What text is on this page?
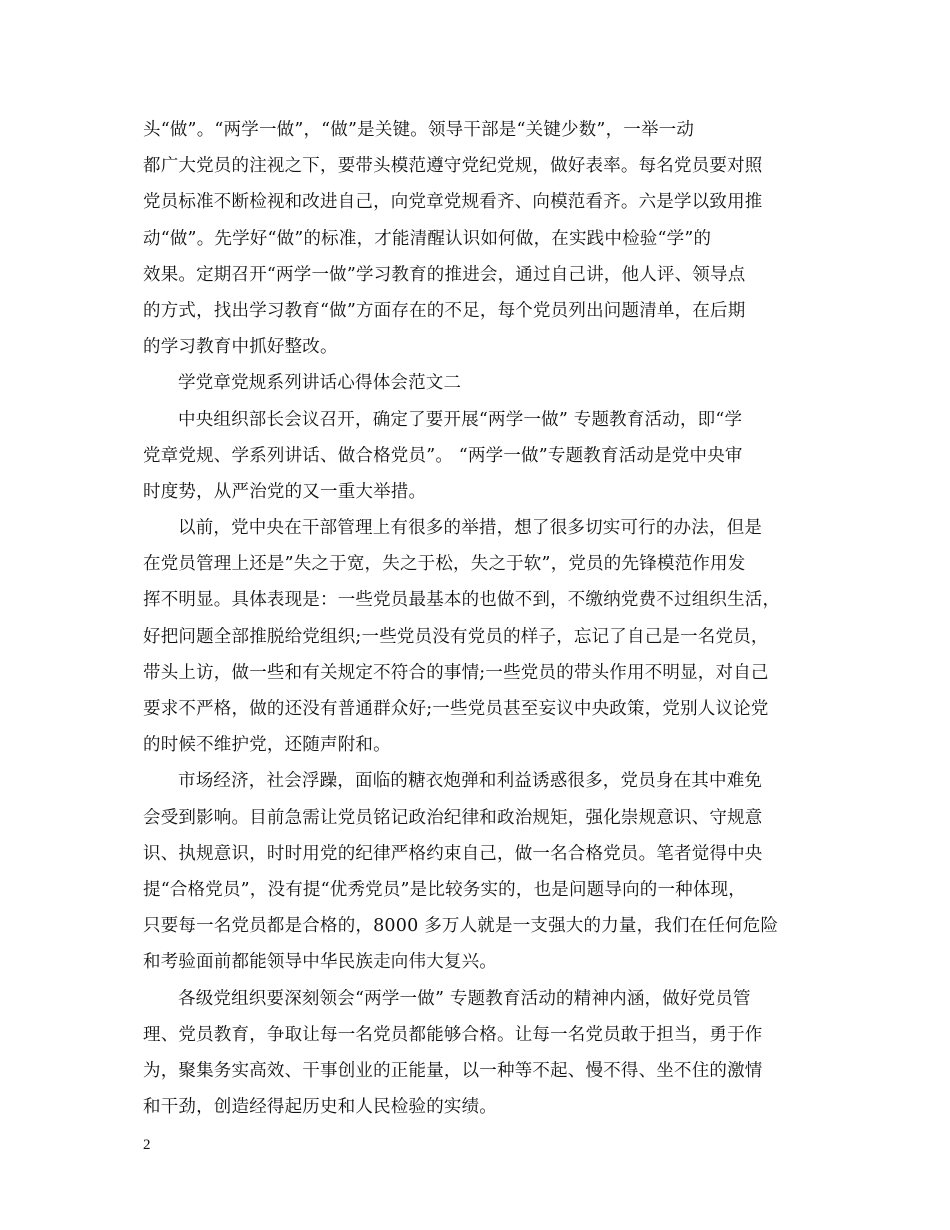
头“做”。“两学一做”，“做”是关键。领导干部是“关键少数”，一举一动
都广大党员的注视之下，要带头模范遵守党纪党规，做好表率。每名党员要对照
党员标准不断检视和改进自己，向党章党规看齐、向模范看齐。六是学以致用推
动“做”。先学好“做”的标准，才能清醒认识如何做，在实践中检验“学”的
效果。定期召开“两学一做”学习教育的推进会，通过自己讲，他人评、领导点
的方式，找出学习教育“做”方面存在的不足，每个党员列出问题清单，在后期
的学习教育中抓好整改。
学党章党规系列讲话心得体会范文二
中央组织部长会议召开，确定了要开展“两学一做” 专题教育活动，即“学
党章党规、学系列讲话、做合格党员”。 “两学一做”专题教育活动是党中央审
时度势，从严治党的又一重大举措。
以前，党中央在干部管理上有很多的举措，想了很多切实可行的办法，但是
在党员管理上还是”失之于宽，失之于松，失之于软”，党员的先锋模范作用发
挥不明显。具体表现是：一些党员最基本的也做不到，不缴纳党费不过组织生活，
好把问题全部推脱给党组织;一些党员没有党员的样子，忘记了自己是一名党员，
带头上访，做一些和有关规定不符合的事情;一些党员的带头作用不明显，对自己
要求不严格，做的还没有普通群众好;一些党员甚至妄议中央政策，党别人议论党
的时候不维护党，还随声附和。
市场经济，社会浮躁，面临的糖衣炮弹和利益诱惑很多，党员身在其中难免
会受到影响。目前急需让党员铭记政治纪律和政治规矩，强化崇规意识、守规意
识、执规意识，时时用党的纪律严格约束自己，做一名合格党员。笔者觉得中央
提“合格党员”，没有提“优秀党员”是比较务实的，也是问题导向的一种体现，
只要每一名党员都是合格的，8000 多万人就是一支强大的力量，我们在任何危险
和考验面前都能领导中华民族走向伟大复兴。
各级党组织要深刻领会“两学一做” 专题教育活动的精神内涵，做好党员管
理、党员教育，争取让每一名党员都能够合格。让每一名党员敢于担当，勇于作
为，聚集务实高效、干事创业的正能量，以一种等不起、慢不得、坐不住的激情
和干劲，创造经得起历史和人民检验的实绩。
2
